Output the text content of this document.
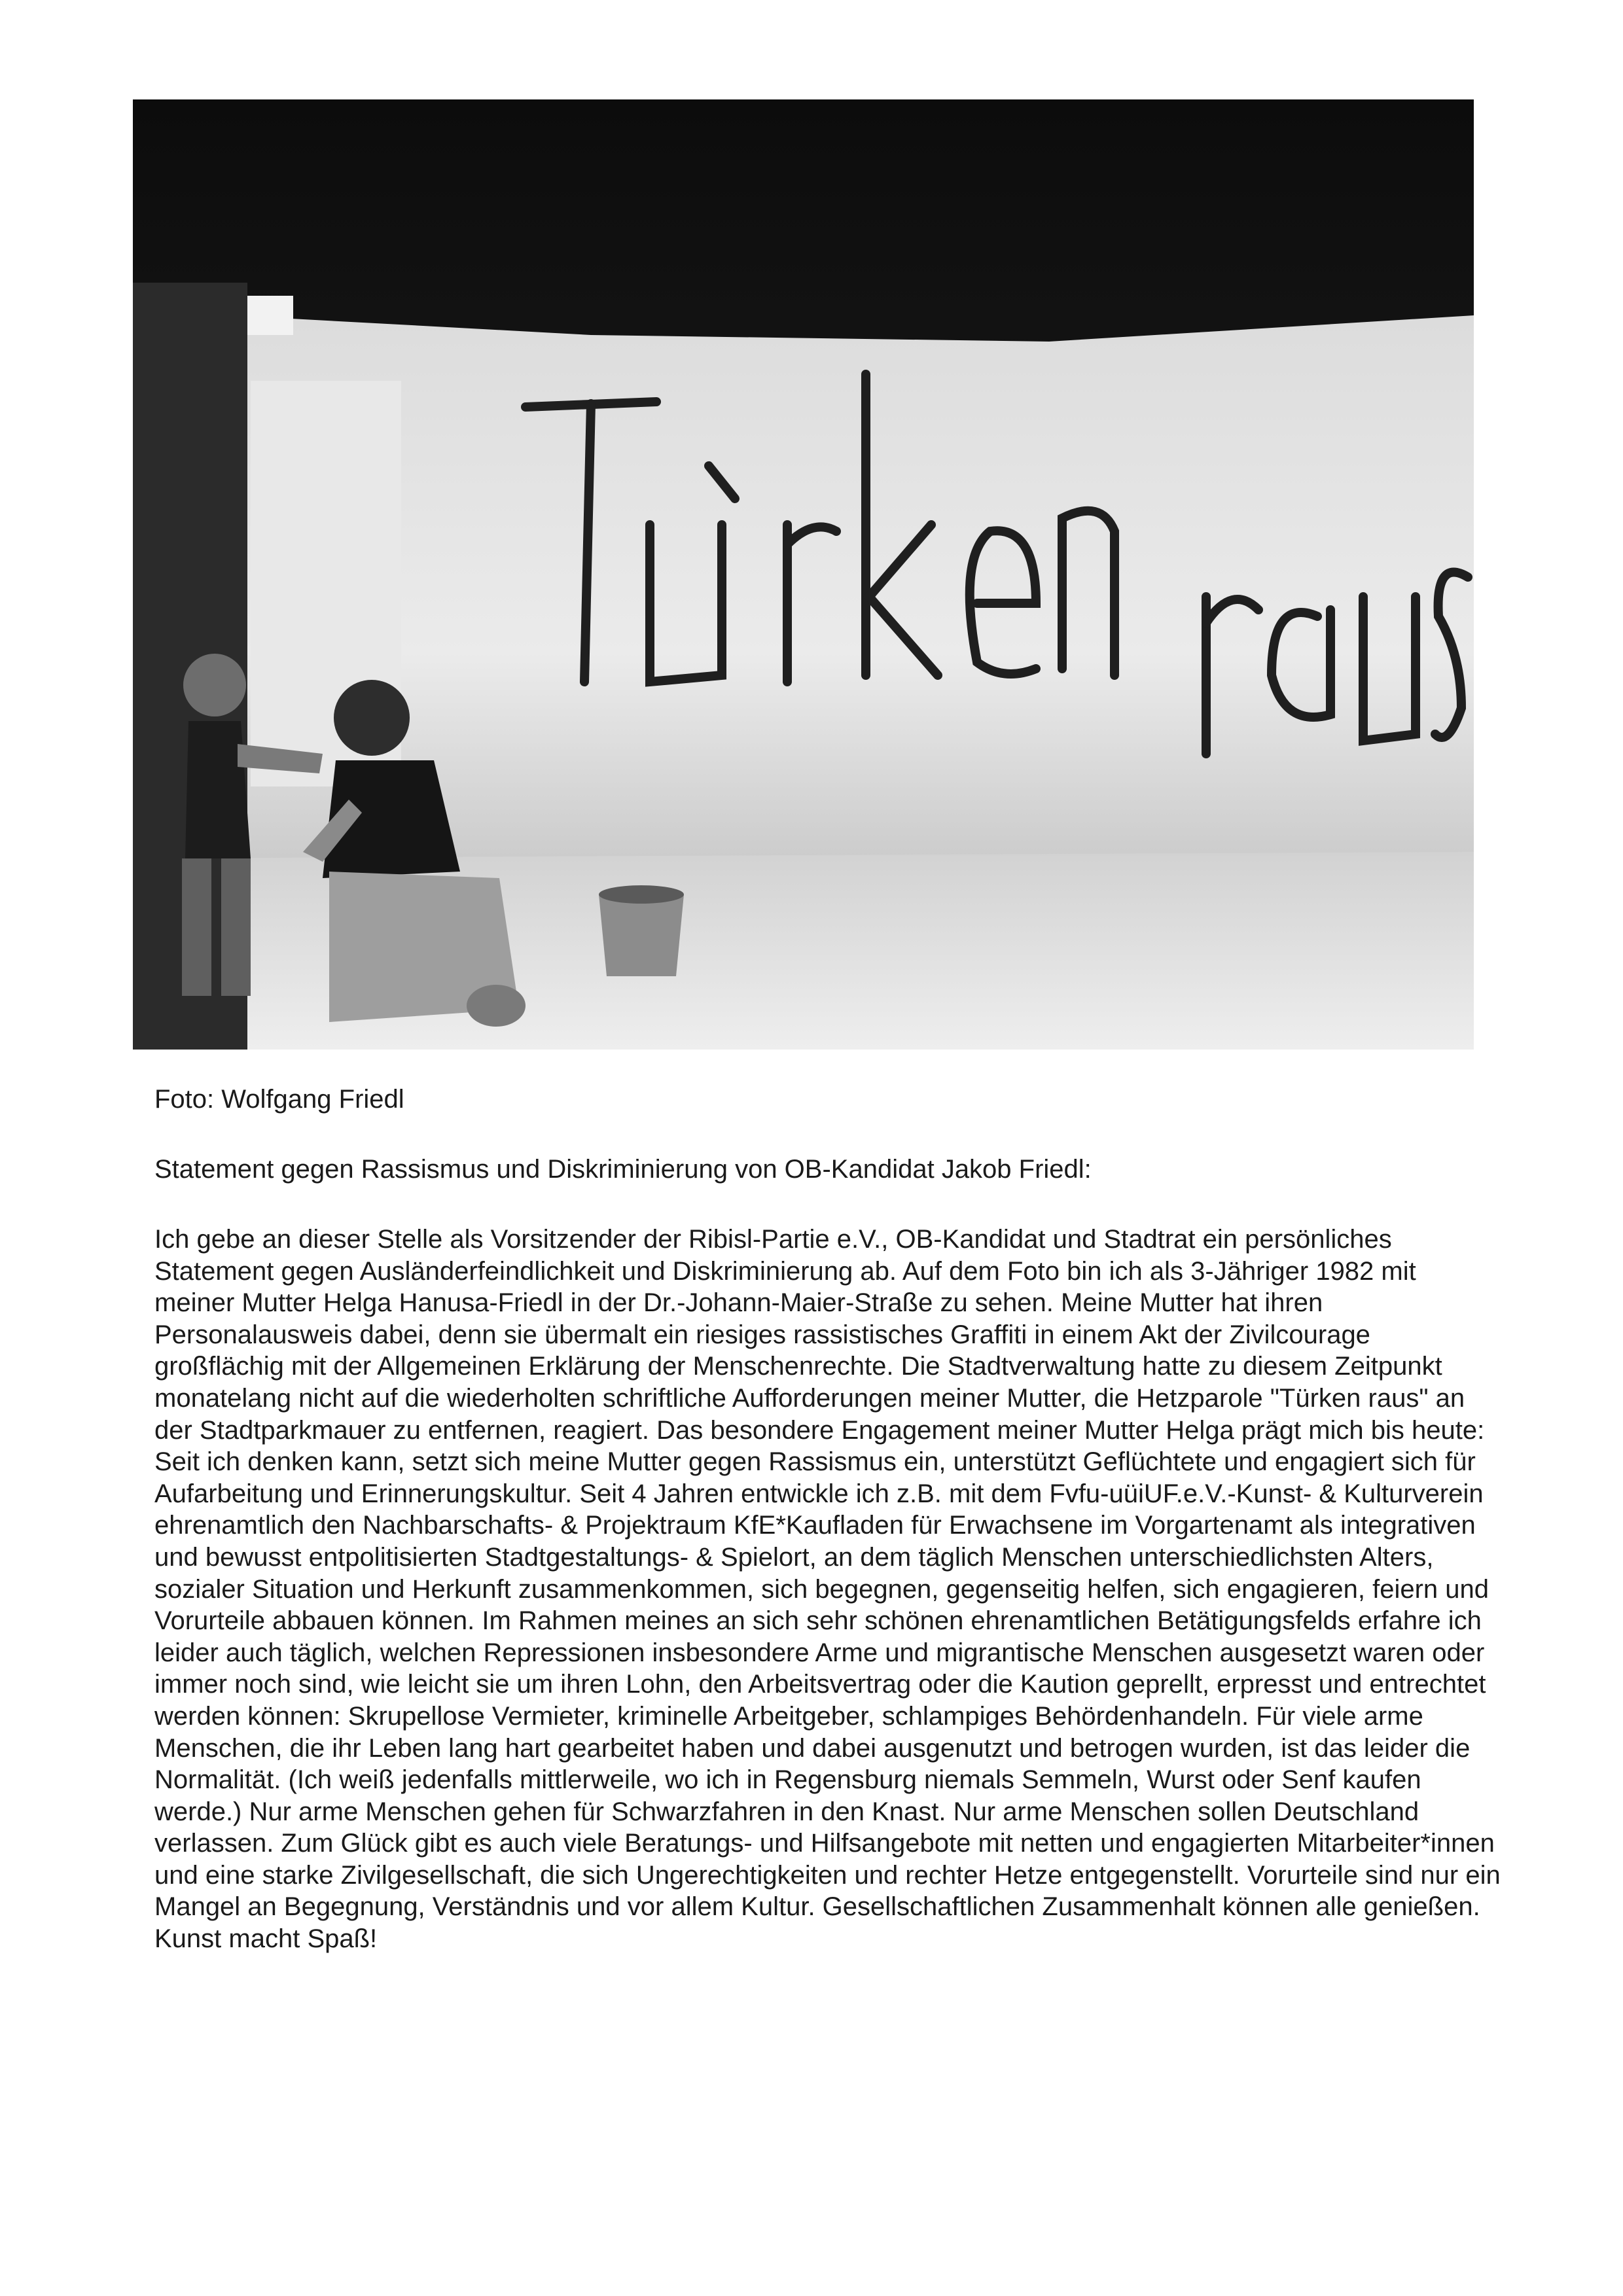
Foto: Wolfgang Friedl

Statement gegen Rassismus und Diskriminierung von OB-Kandidat Jakob Friedl:

Ich gebe an dieser Stelle als Vorsitzender der Ribisl-Partie e.V., OB-Kandidat und Stadtrat ein persönliches Statement gegen Ausländerfeindlichkeit und Diskriminierung ab. Auf dem Foto bin ich als 3-Jähriger 1982 mit meiner Mutter Helga Hanusa-Friedl in der Dr.-Johann-Maier-Straße zu sehen. Meine Mutter hat ihren Personalausweis dabei, denn sie übermalt ein riesiges rassistisches Graffiti in einem Akt der Zivilcourage großflächig mit der Allgemeinen Erklärung der Menschenrechte. Die Stadtverwaltung hatte zu diesem Zeitpunkt monatelang nicht auf die wiederholten schriftliche Aufforderungen meiner Mutter, die Hetzparole "Türken raus" an der Stadtparkmauer zu entfernen, reagiert. Das besondere Engagement meiner Mutter Helga prägt mich bis heute: Seit ich denken kann, setzt sich meine Mutter gegen Rassismus ein, unterstützt Geflüchtete und engagiert sich für Aufarbeitung und Erinnerungskultur. Seit 4 Jahren entwickle ich z.B. mit dem Fvfu-uüiUF.e.V.-Kunst- & Kulturverein ehrenamtlich den Nachbarschafts- & Projektraum KfE*Kaufladen für Erwachsene im Vorgartenamt als integrativen und bewusst entpolitisierten Stadtgestaltungs- & Spielort, an dem täglich Menschen unterschiedlichsten Alters, sozialer Situation und Herkunft zusammenkommen, sich begegnen, gegenseitig helfen, sich engagieren, feiern und Vorurteile abbauen können. Im Rahmen meines an sich sehr schönen ehrenamtlichen Betätigungsfelds erfahre ich leider auch täglich, welchen Repressionen insbesondere Arme und migrantische Menschen ausgesetzt waren oder immer noch sind, wie leicht sie um ihren Lohn, den Arbeitsvertrag oder die Kaution geprellt, erpresst und entrechtet werden können: Skrupellose Vermieter, kriminelle Arbeitgeber, schlampiges Behördenhandeln. Für viele arme Menschen, die ihr Leben lang hart gearbeitet haben und dabei ausgenutzt und betrogen wurden, ist das leider die Normalität. (Ich weiß jedenfalls mittlerweile, wo ich in Regensburg niemals Semmeln, Wurst oder Senf kaufen werde.) Nur arme Menschen gehen für Schwarzfahren in den Knast. Nur arme Menschen sollen Deutschland verlassen. Zum Glück gibt es auch viele Beratungs- und Hilfsangebote mit netten und engagierten Mitarbeiter*innen und eine starke Zivilgesellschaft, die sich Ungerechtigkeiten und rechter Hetze entgegenstellt. Vorurteile sind nur ein Mangel an Begegnung, Verständnis und vor allem Kultur. Gesellschaftlichen Zusammenhalt können alle genießen. Kunst macht Spaß!
